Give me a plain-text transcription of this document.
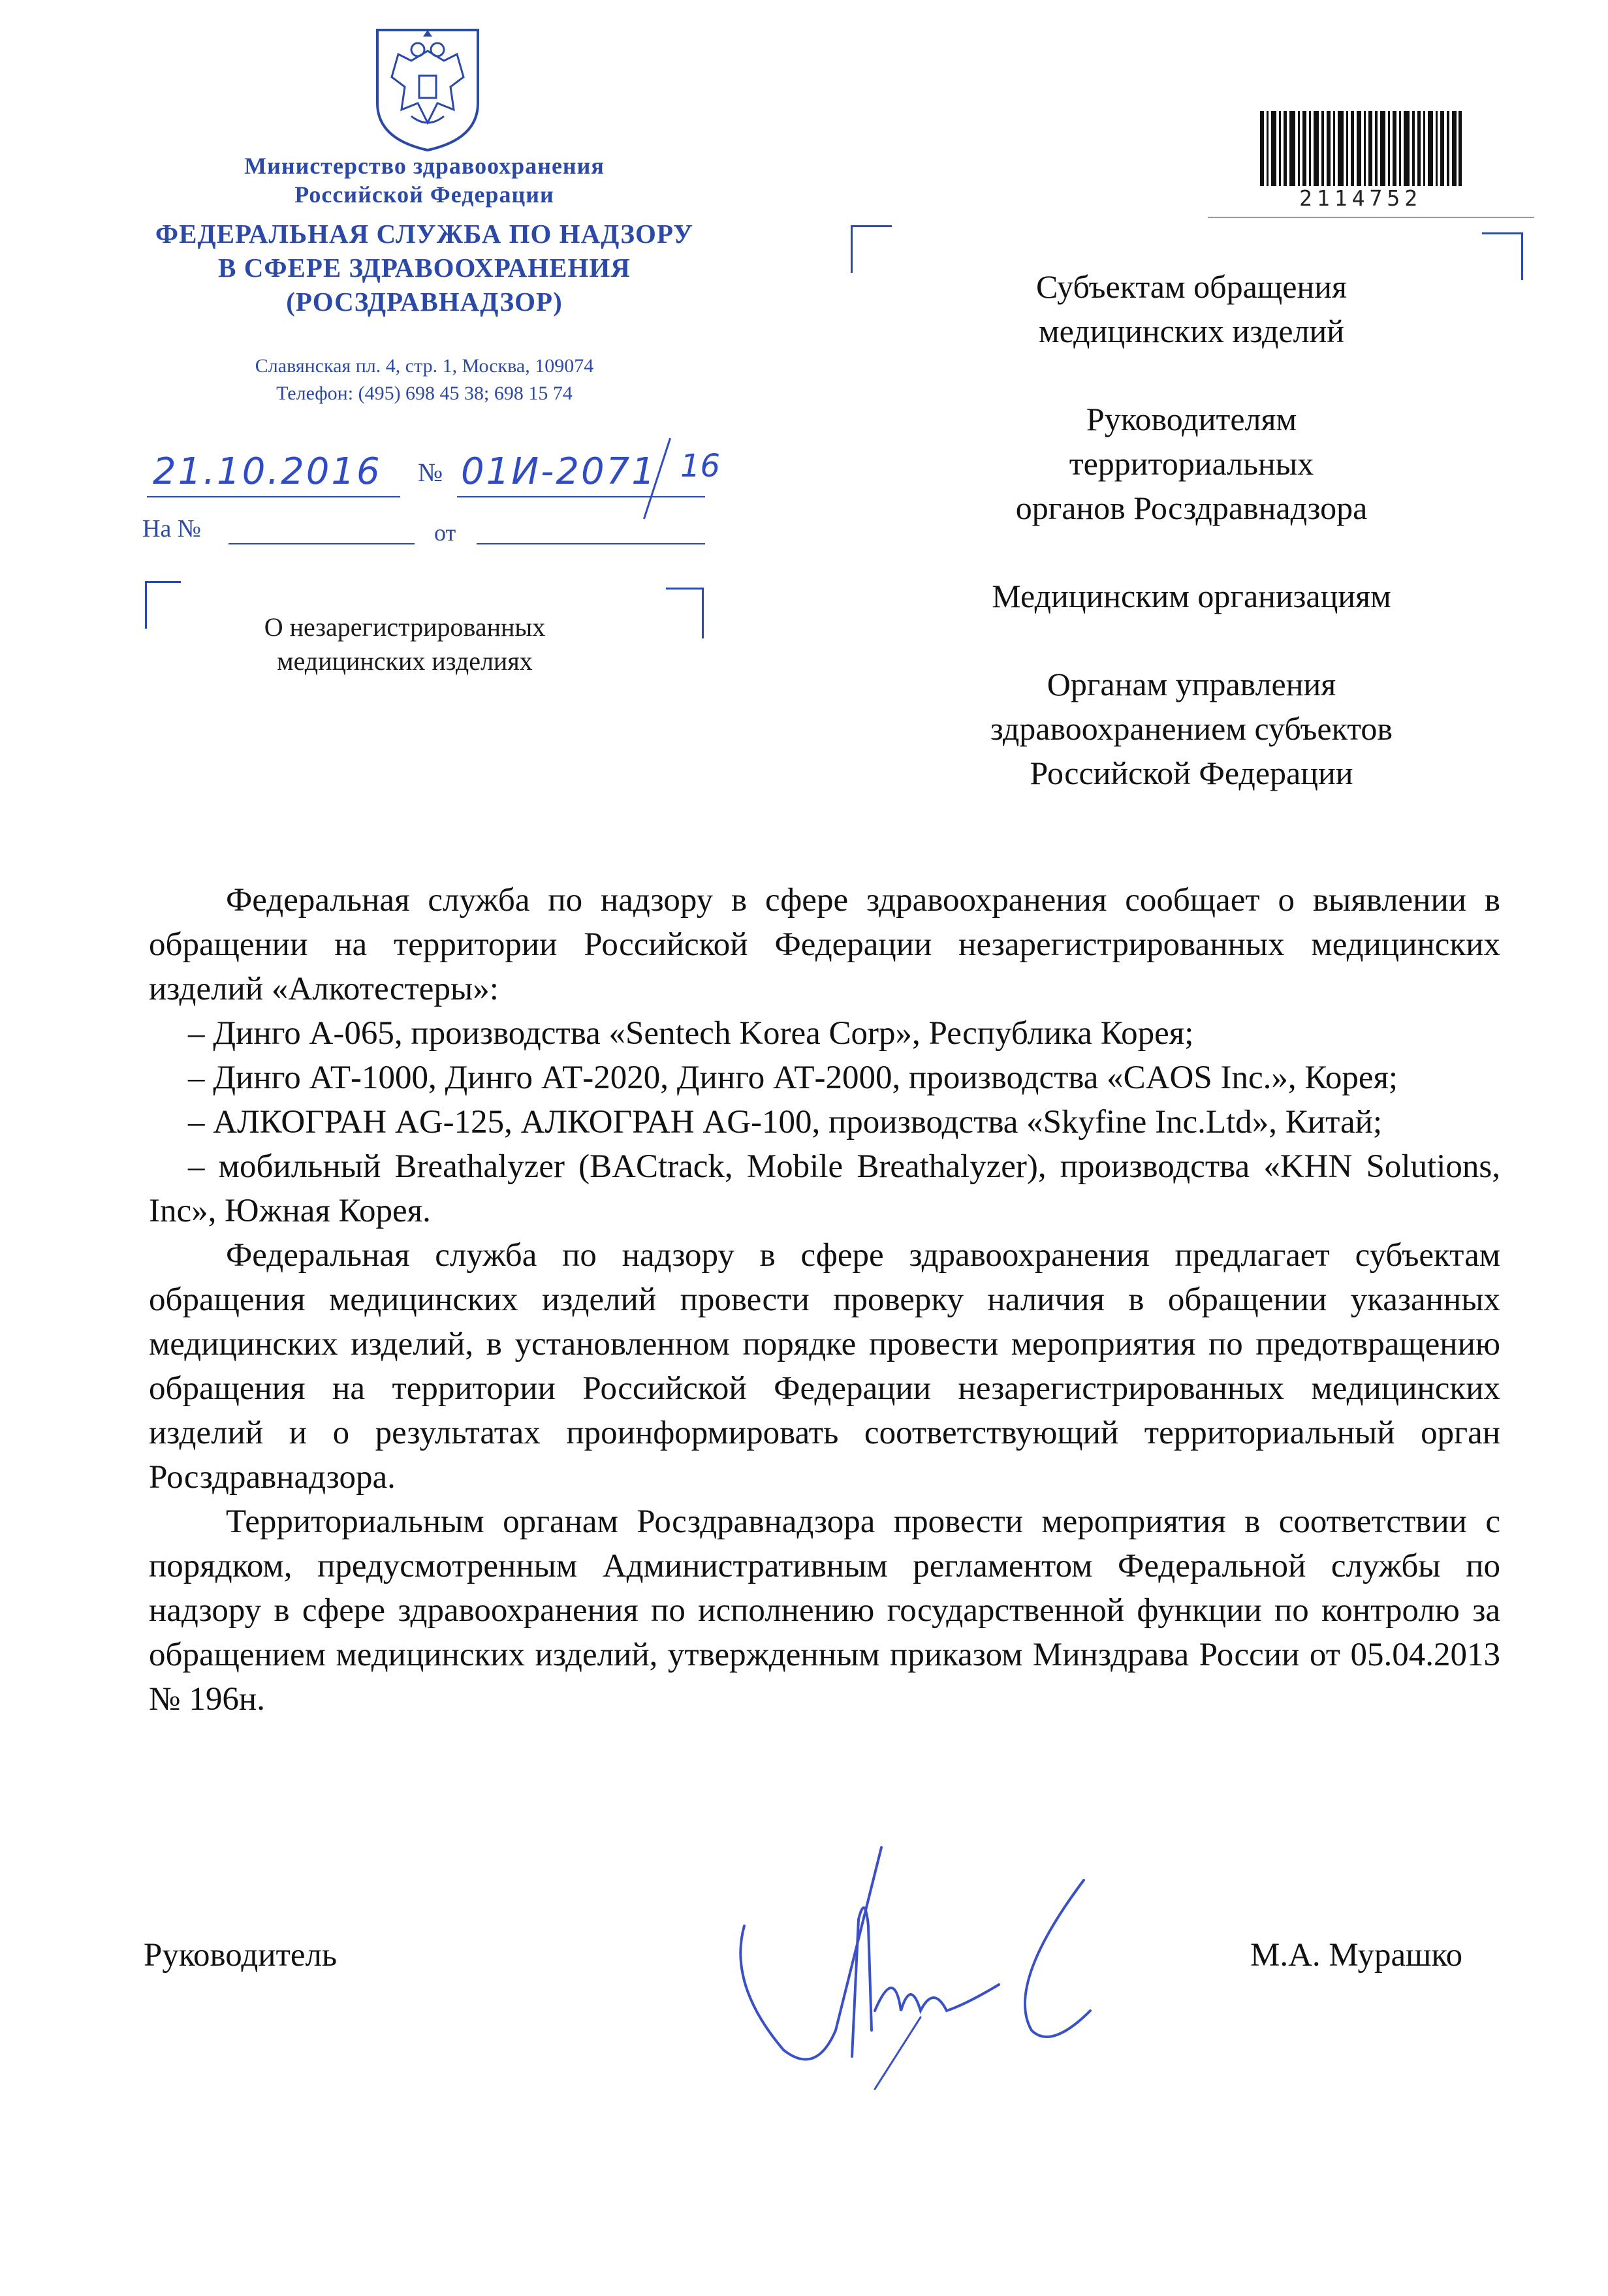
Министерство здравоохранения
Российской Федерации
ФЕДЕРАЛЬНАЯ СЛУЖБА ПО НАДЗОРУ
В СФЕРЕ ЗДРАВООХРАНЕНИЯ
(РОСЗДРАВНАДЗОР)
Славянская пл. 4, стр. 1, Москва, 109074
Телефон: (495) 698 45 38; 698 15 74
21.10.2016 № 01И-2071 16
На №	от
О незарегистрированных
медицинских изделиях
2114752

Субъектам обращения
медицинских изделий

Руководителям
территориальных
органов Росздравнадзора

Медицинским организациям

Органам управления
здравоохранением субъектов
Российской Федерации

Федеральная служба по надзору в сфере здравоохранения сообщает о выявлении в обращении на территории Российской Федерации незарегистрированных медицинских изделий «Алкотестеры»:

– Динго А-065, производства «Sentech Korea Corp», Республика Корея;

– Динго АТ-1000, Динго АТ-2020, Динго АТ-2000, производства «CAOS Inc.», Корея;

– АЛКОГРАН AG-125, АЛКОГРАН AG-100, производства «Skyfine Inc.Ltd», Китай;

– мобильный Breathalyzer (BACtrack, Mobile Breathalyzer), производства «KHN Solutions, Inc», Южная Корея.

Федеральная служба по надзору в сфере здравоохранения предлагает субъектам обращения медицинских изделий провести проверку наличия в обращении указанных медицинских изделий, в установленном порядке провести мероприятия по предотвращению обращения на территории Российской Федерации незарегистрированных медицинских изделий и о результатах проинформировать соответствующий территориальный орган Росздравнадзора.

Территориальным органам Росздравнадзора провести мероприятия в соответствии с порядком, предусмотренным Административным регламентом Федеральной службы по надзору в сфере здравоохранения по исполнению государственной функции по контролю за обращением медицинских изделий, утвержденным приказом Минздрава России от 05.04.2013 № 196н.

Руководитель	М.А. Мурашко
